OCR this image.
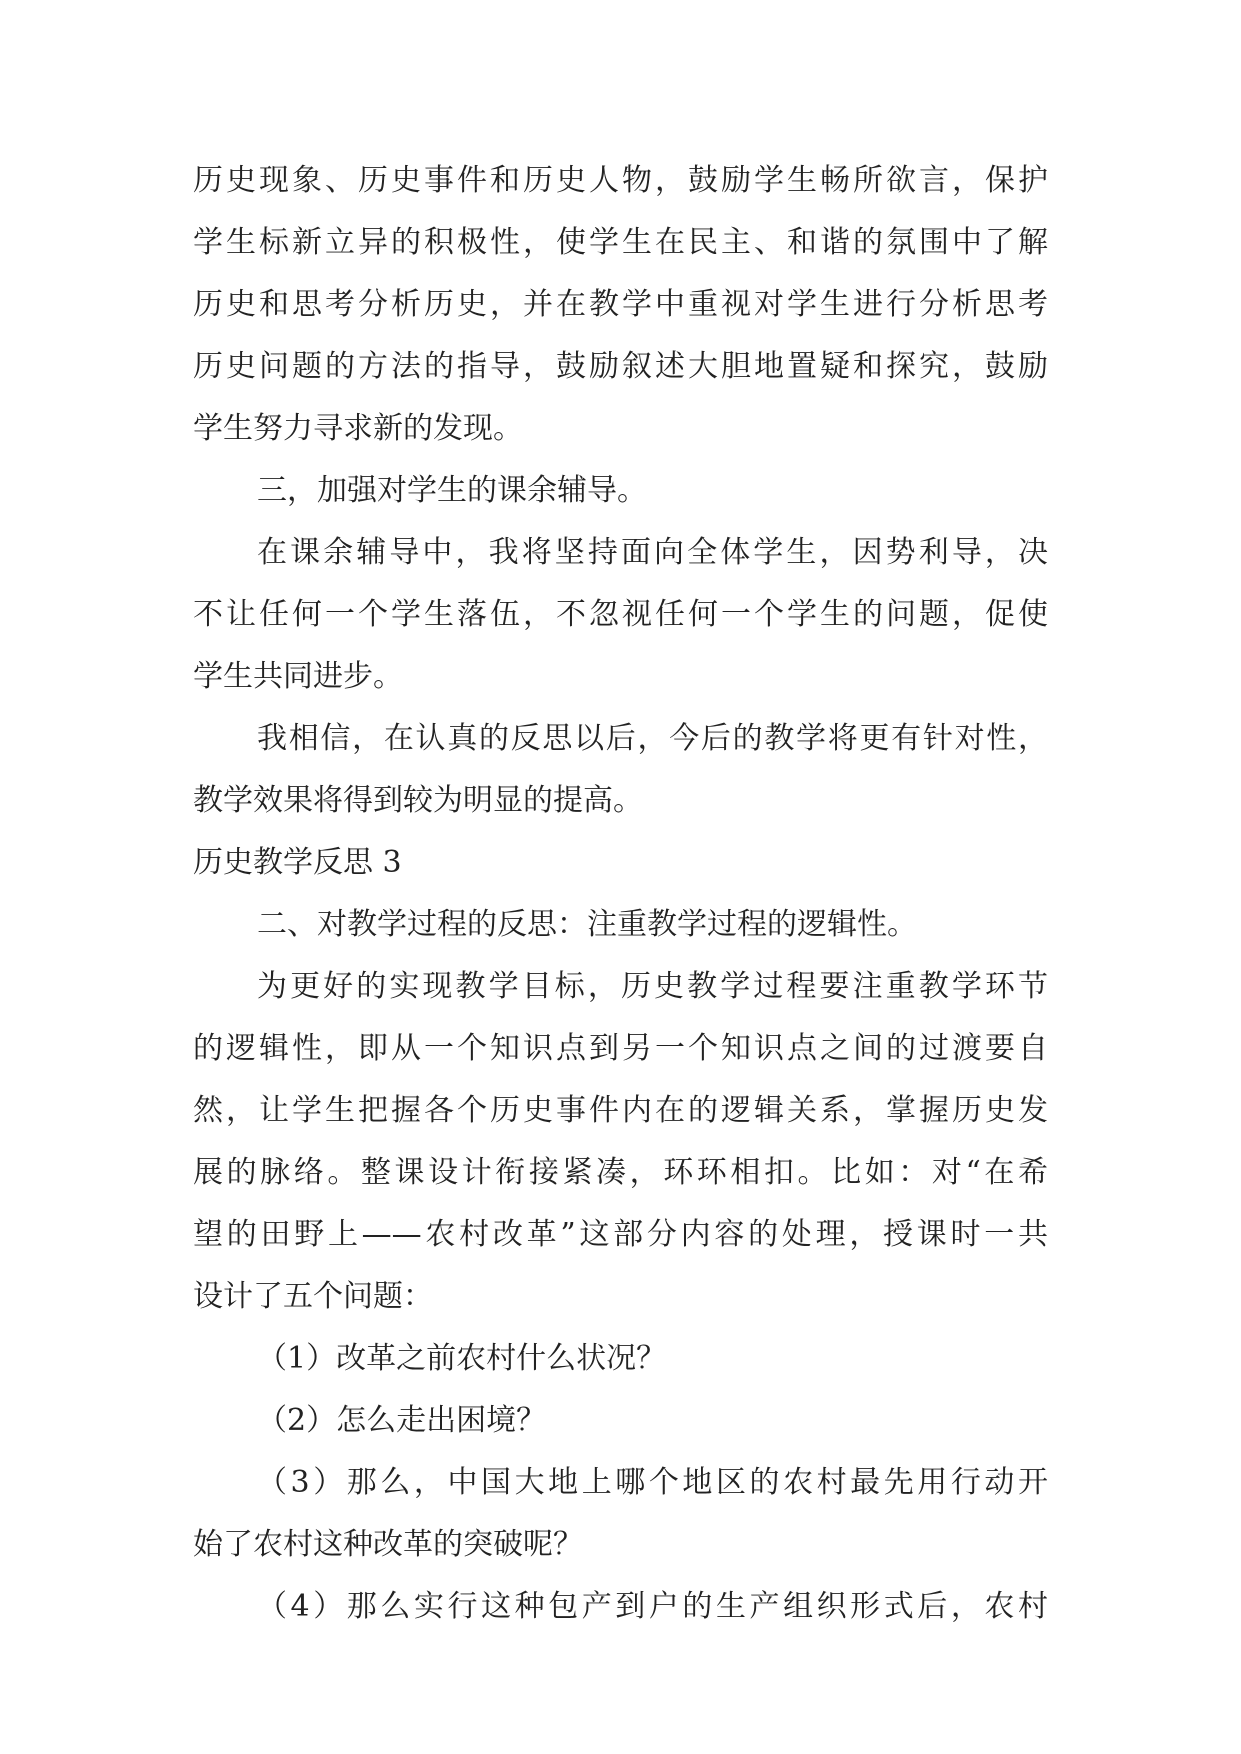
历史现象、历史事件和历史人物，鼓励学生畅所欲言，保护

学生标新立异的积极性，使学生在民主、和谐的氛围中了解

历史和思考分析历史，并在教学中重视对学生进行分析思考

历史问题的方法的指导，鼓励叙述大胆地置疑和探究，鼓励

学生努力寻求新的发现。

三，加强对学生的课余辅导。

在课余辅导中，我将坚持面向全体学生，因势利导，决

不让任何一个学生落伍，不忽视任何一个学生的问题，促使

学生共同进步。

我相信，在认真的反思以后，今后的教学将更有针对性，

教学效果将得到较为明显的提高。

历史教学反思 3

二、对教学过程的反思：注重教学过程的逻辑性。

为更好的实现教学目标，历史教学过程要注重教学环节

的逻辑性，即从一个知识点到另一个知识点之间的过渡要自

然，让学生把握各个历史事件内在的逻辑关系，掌握历史发

展的脉络。整课设计衔接紧凑，环环相扣。比如：对“在希

望的田野上——农村改革”这部分内容的处理，授课时一共

设计了五个问题：

（1）改革之前农村什么状况？

（2）怎么走出困境？

（3）那么，中国大地上哪个地区的农村最先用行动开

始了农村这种改革的突破呢？

（4）那么实行这种包产到户的生产组织形式后，农村
